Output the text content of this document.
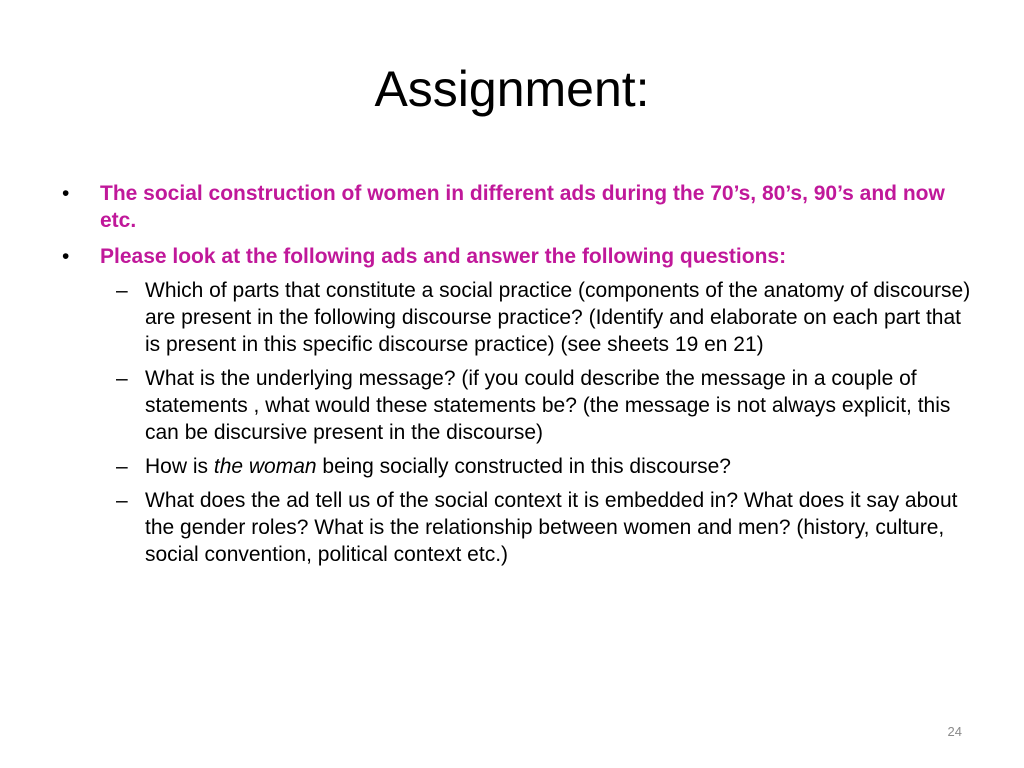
Assignment:
• The social construction of women in different ads during the 70’s, 80’s, 90’s and now etc.
• Please look at the following ads and answer the following questions:
– Which of parts that constitute a social practice (components of the anatomy of discourse) are present in the following discourse practice? (Identify and elaborate on each part that is present in this specific discourse practice) (see sheets 19 en 21)
– What is the underlying message? (if you could describe the message in a couple of statements , what would these statements be? (the message is not always explicit, this can be discursive present in the discourse)
– How is the woman being socially constructed in this discourse?
– What does the ad tell us of the social context it is embedded in? What does it say about the gender roles? What is the relationship between women and men? (history, culture, social convention, political context etc.)
24
